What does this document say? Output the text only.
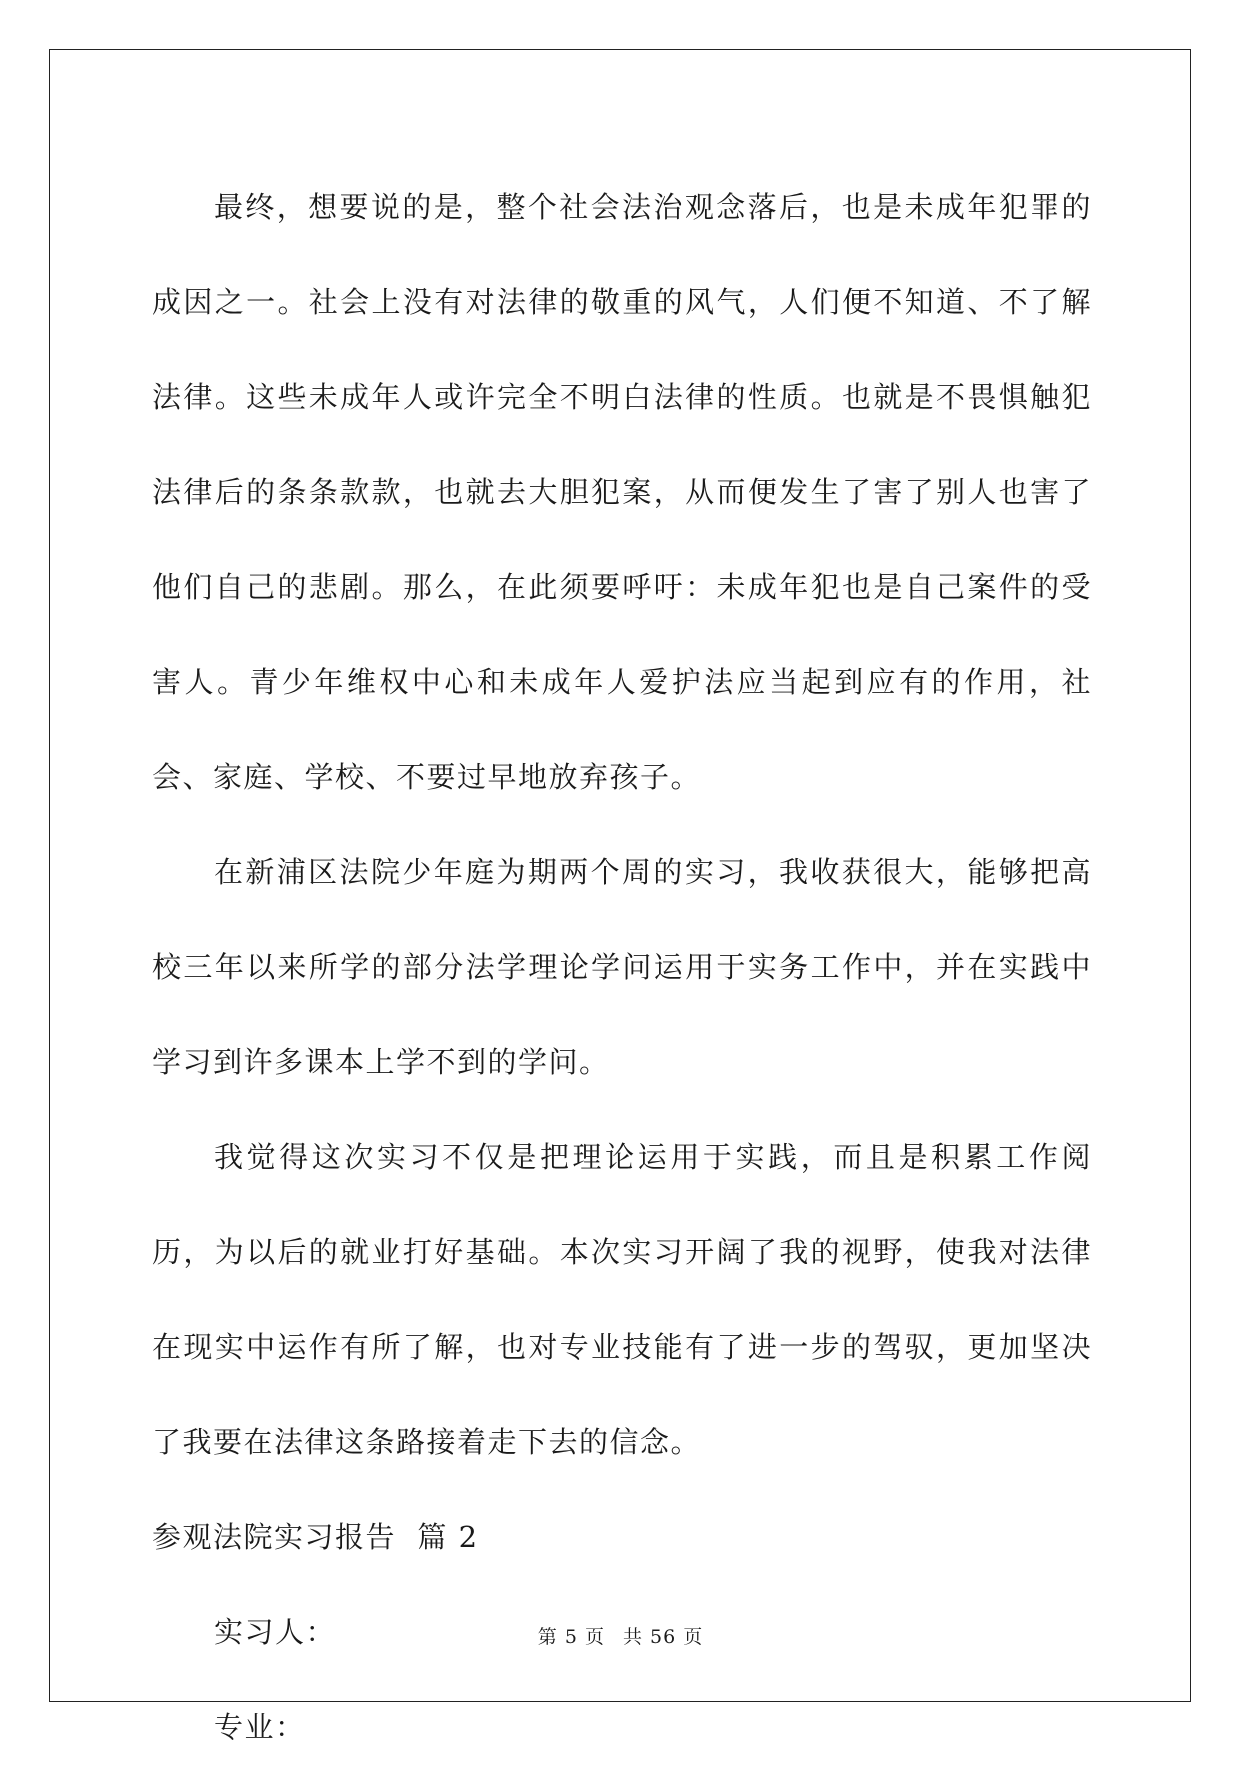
最终，想要说的是，整个社会法治观念落后，也是未成年犯罪的成因之一。社会上没有对法律的敬重的风气，人们便不知道、不了解法律。这些未成年人或许完全不明白法律的性质。也就是不畏惧触犯法律后的条条款款，也就去大胆犯案，从而便发生了害了别人也害了他们自己的悲剧。那么，在此须要呼吁：未成年犯也是自己案件的受害人。青少年维权中心和未成年人爱护法应当起到应有的作用，社会、家庭、学校、不要过早地放弃孩子。

在新浦区法院少年庭为期两个周的实习，我收获很大，能够把高校三年以来所学的部分法学理论学问运用于实务工作中，并在实践中学习到许多课本上学不到的学问。

我觉得这次实习不仅是把理论运用于实践，而且是积累工作阅历，为以后的就业打好基础。本次实习开阔了我的视野，使我对法律在现实中运作有所了解，也对专业技能有了进一步的驾驭，更加坚决了我要在法律这条路接着走下去的信念。

参观法院实习报告  篇 2

实习人：

专业：

第 5 页 共 56 页
